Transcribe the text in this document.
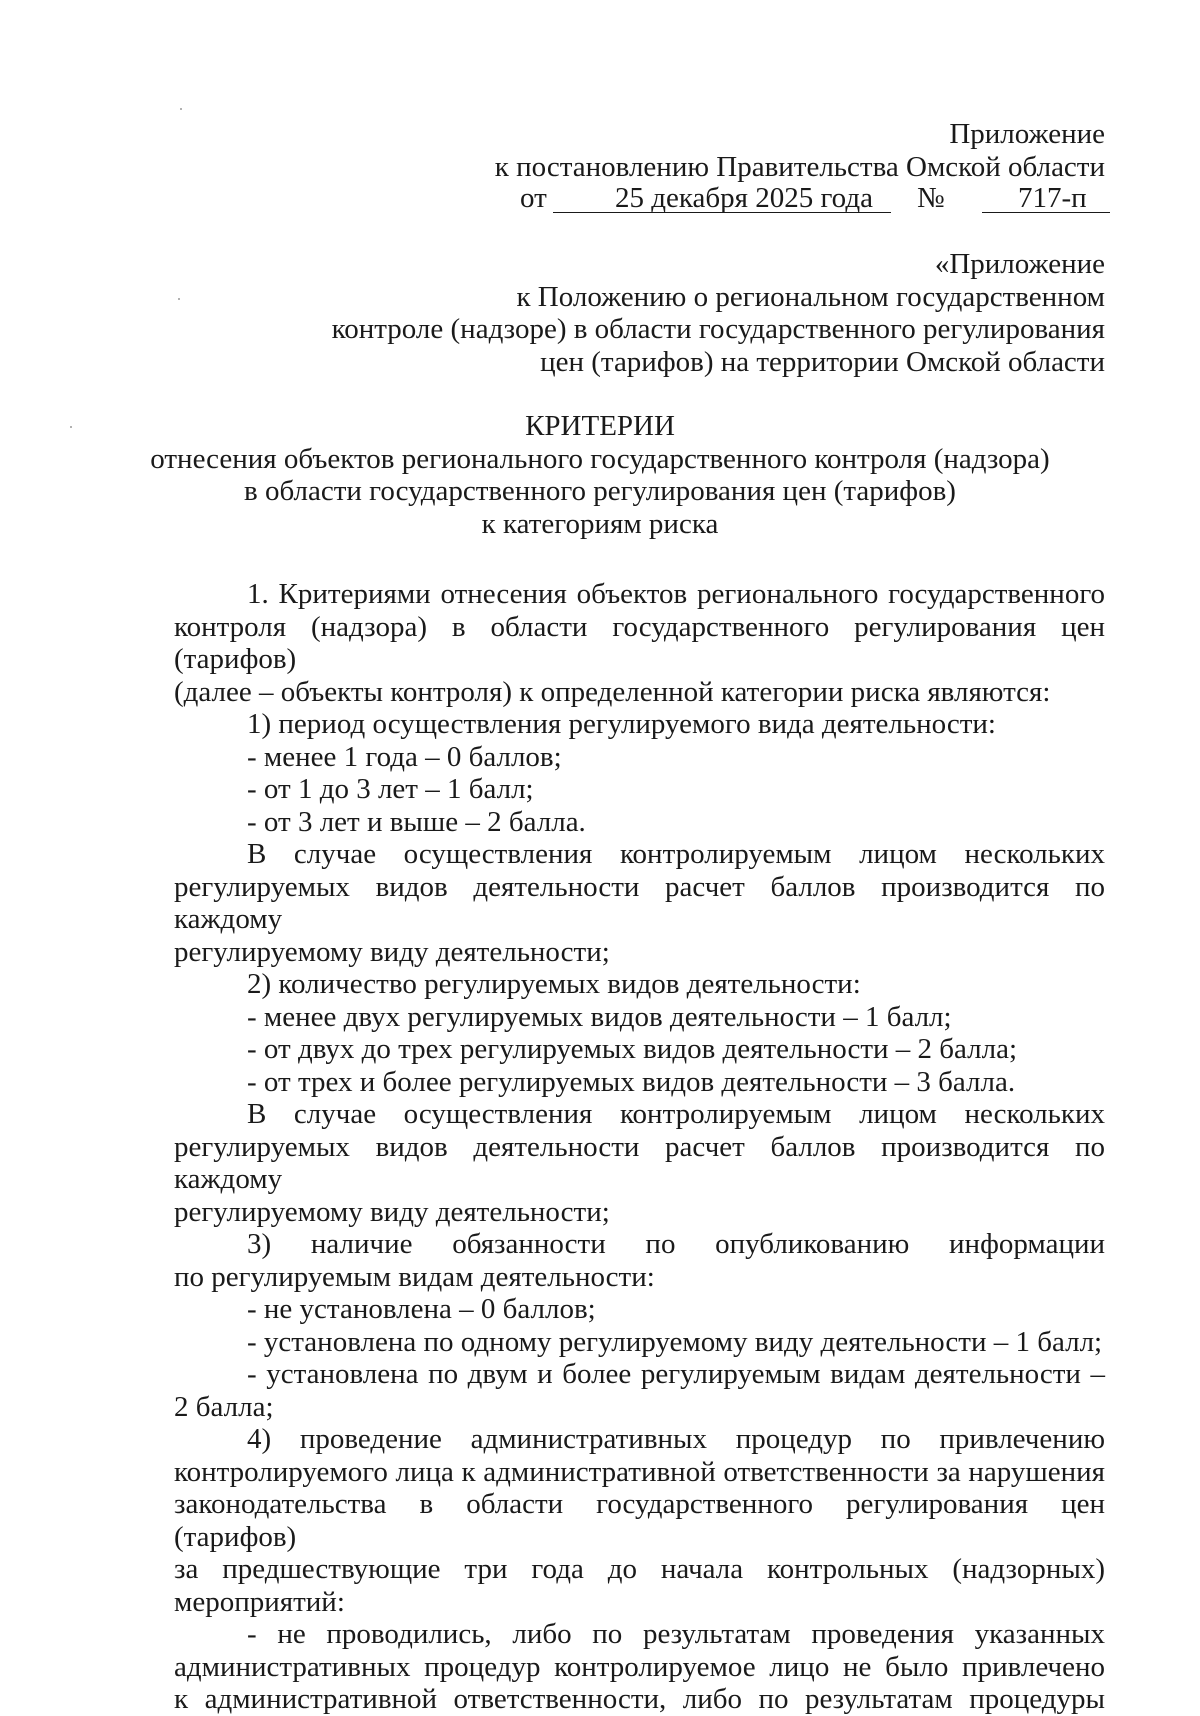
Приложение
к постановлению Правительства Омской области
от 25 декабря 2025 года №	717-п
«Приложение
к Положению о региональном государственном
контроле (надзоре) в области государственного регулирования
цен (тарифов) на территории Омской области
КРИТЕРИИ
отнесения объектов регионального государственного контроля (надзора)
в области государственного регулирования цен (тарифов)
к категориям риска
1. Критериями отнесения объектов регионального государственного
контроля (надзора) в области государственного регулирования цен (тарифов)
(далее – объекты контроля) к определенной категории риска являются:
1) период осуществления регулируемого вида деятельности:
- менее 1 года – 0 баллов;
- от 1 до 3 лет – 1 балл;
- от 3 лет и выше – 2 балла.
В случае осуществления контролируемым лицом нескольких
регулируемых видов деятельности расчет баллов производится по каждому
регулируемому виду деятельности;
2) количество регулируемых видов деятельности:
- менее двух регулируемых видов деятельности – 1 балл;
- от двух до трех регулируемых видов деятельности – 2 балла;
- от трех и более регулируемых видов деятельности – 3 балла.
В случае осуществления контролируемым лицом нескольких
регулируемых видов деятельности расчет баллов производится по каждому
регулируемому виду деятельности;
3) наличие обязанности по опубликованию информации
по регулируемым видам деятельности:
- не установлена – 0 баллов;
- установлена по одному регулируемому виду деятельности – 1 балл;
- установлена по двум и более регулируемым видам деятельности –
2 балла;
4) проведение административных процедур по привлечению
контролируемого лица к административной ответственности за нарушения
законодательства в области государственного регулирования цен (тарифов)
за предшествующие три года до начала контрольных (надзорных)
мероприятий:
- не проводились, либо по результатам проведения указанных
административных процедур контролируемое лицо не было привлечено
к административной ответственности, либо по результатам процедуры
